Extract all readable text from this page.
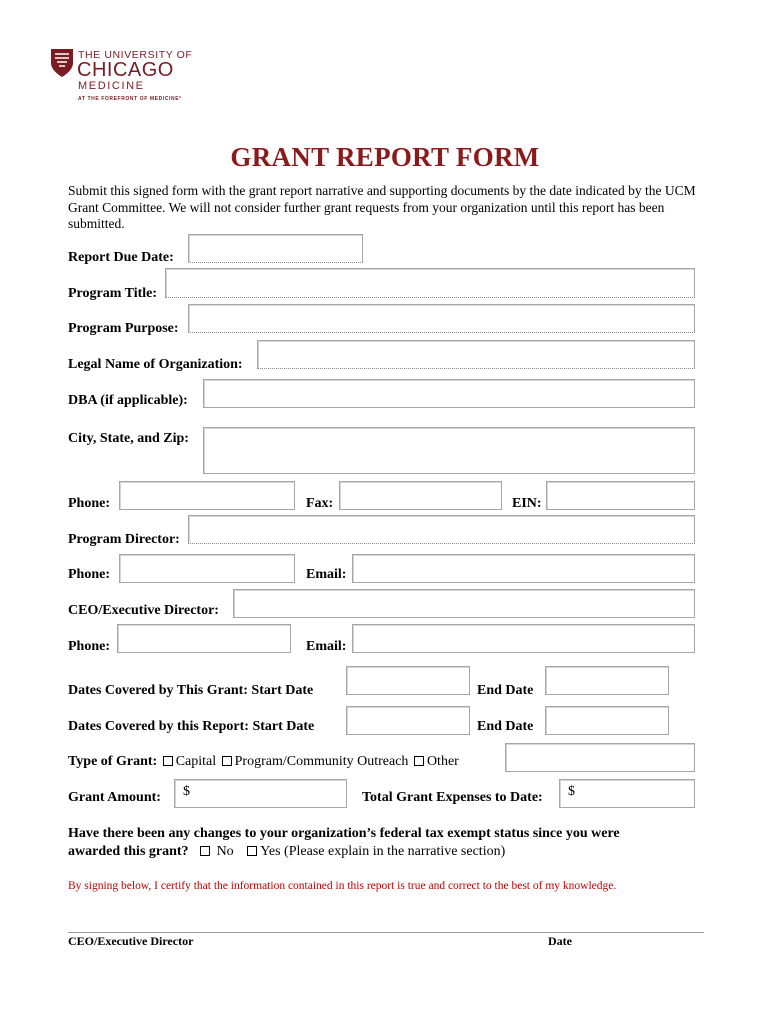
THE UNIVERSITY OF
CHICAGO
MEDICINE
AT THE FOREFRONT OF MEDICINE°
GRANT REPORT FORM
Submit this signed form with the grant report narrative and supporting documents by the date indicated by the UCM Grant Committee. We will not consider further grant requests from your organization until this report has been submitted.
Report Due Date:
Program Title:
Program Purpose:
Legal Name of Organization:
DBA (if applicable):
City, State, and Zip:
Phone:	Fax:	EIN:
Program Director:
Phone:	Email:
CEO/Executive Director:
Phone:	Email:
Dates Covered by This Grant: Start Date	End Date
Dates Covered by this Report: Start Date	End Date
Type of Grant: Capital Program/Community Outreach Other
Grant Amount: $	Total Grant Expenses to Date: $
Have there been any changes to your organization’s federal tax exempt status since you were
awarded this grant? No Yes (Please explain in the narrative section)
By signing below, I certify that the information contained in this report is true and correct to the best of my knowledge.
CEO/Executive Director	Date
